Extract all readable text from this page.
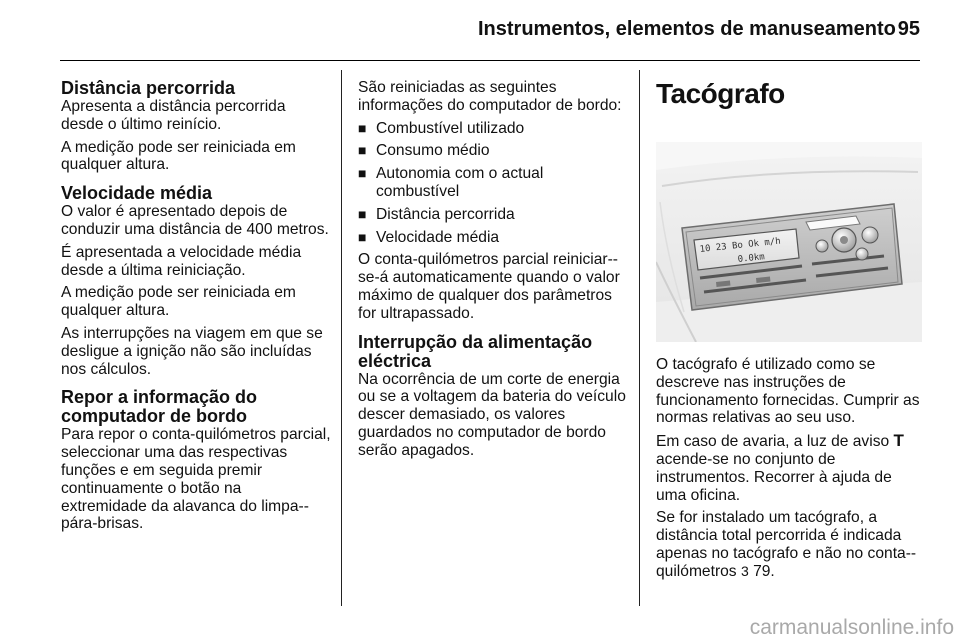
Instrumentos, elementos de manuseamento 95
Distância percorrida

Apresenta a distância percorrida desde o último reinício.

A medição pode ser reiniciada em qualquer altura.

Velocidade média

O valor é apresentado depois de conduzir uma distância de 400 metros.

É apresentada a velocidade média desde a última reiniciação.

A medição pode ser reiniciada em qualquer altura.

As interrupções na viagem em que se desligue a ignição não são incluídas nos cálculos.

Repor a informação do computador de bordo

Para repor o conta-quilómetros parcial, seleccionar uma das respectivas funções e em seguida premir continuamente o botão na extremidade da alavanca do limpa--pára-brisas.

São reiniciadas as seguintes informações do computador de bordo:

■ Combustível utilizado
■ Consumo médio
■ Autonomia com o actual combustível
■ Distância percorrida
■ Velocidade média

O conta-quilómetros parcial reiniciar--se-á automaticamente quando o valor máximo de qualquer dos parâmetros for ultrapassado.

Interrupção da alimentação eléctrica

Na ocorrência de um corte de energia ou se a voltagem da bateria do veículo descer demasiado, os valores guardados no computador de bordo serão apagados.

Tacógrafo
10 23 Bo Ok m/h
0.0km

O tacógrafo é utilizado como se descreve nas instruções de funcionamento fornecidas. Cumprir as normas relativas ao seu uso.

Em caso de avaria, a luz de aviso T acende-se no conjunto de instrumentos. Recorrer à ajuda de uma oficina.

Se for instalado um tacógrafo, a distância total percorrida é indicada apenas no tacógrafo e não no conta--quilómetros 3 79.

carmanualsonline.info
